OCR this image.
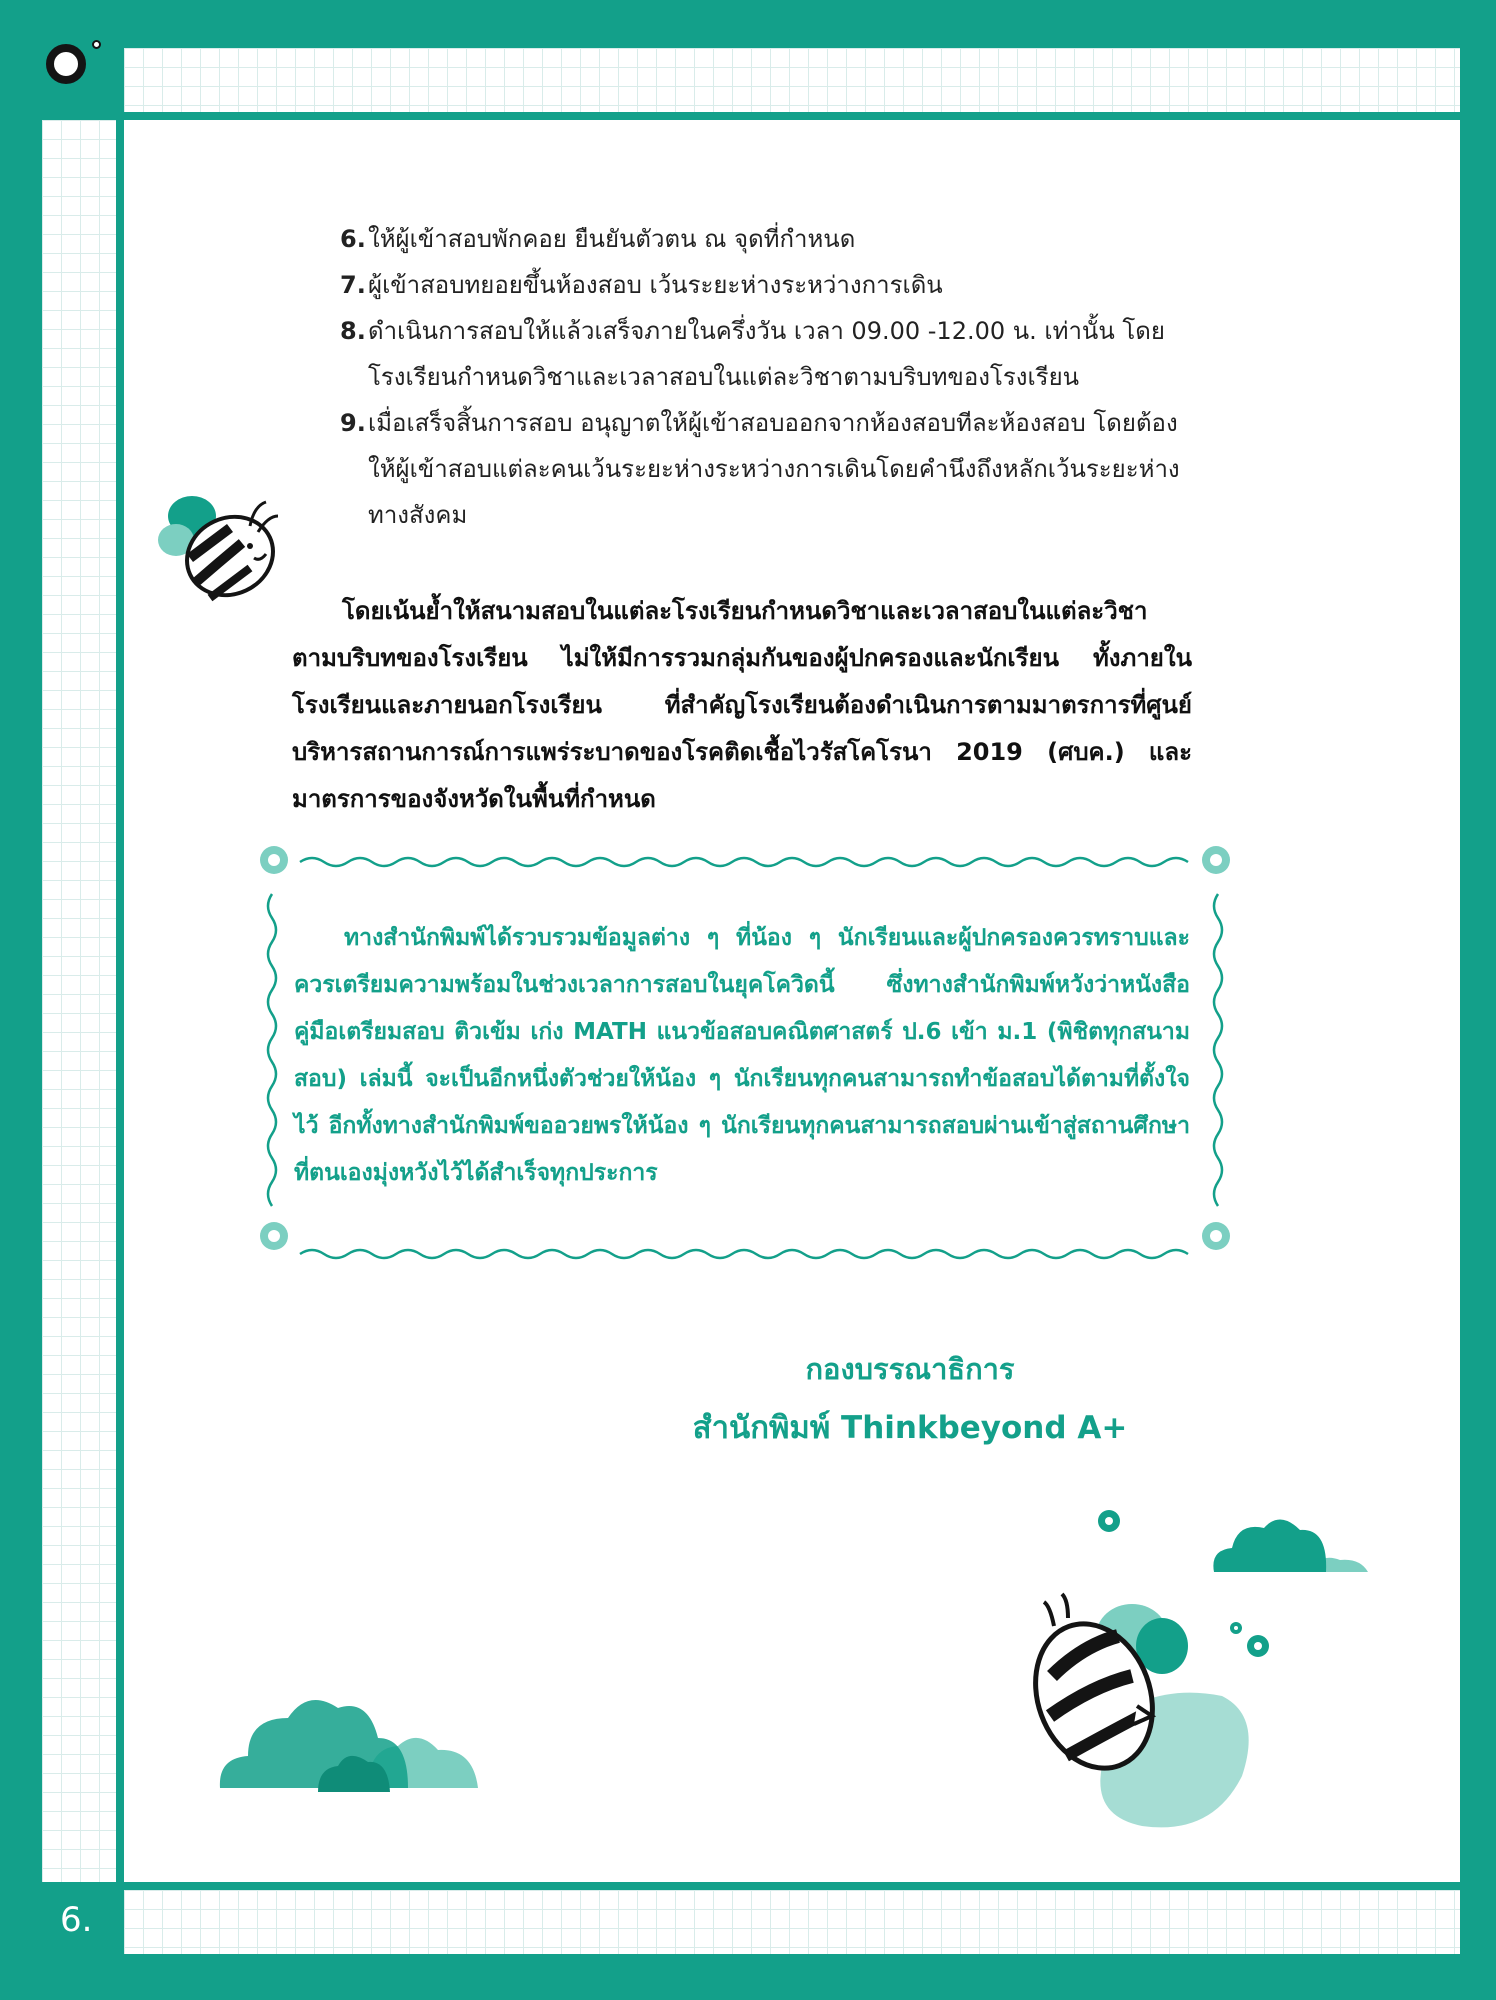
6.
6. ให้ผู้เข้าสอบพักคอย ยืนยันตัวตน ณ จุดที่กำหนด
7. ผู้เข้าสอบทยอยขึ้นห้องสอบ เว้นระยะห่างระหว่างการเดิน
8. ดำเนินการสอบให้แล้วเสร็จภายในครึ่งวัน เวลา 09.00 -12.00 น. เท่านั้น โดยโรงเรียนกำหนดวิชาและเวลาสอบในแต่ละวิชาตามบริบทของโรงเรียน
9. เมื่อเสร็จสิ้นการสอบ อนุญาตให้ผู้เข้าสอบออกจากห้องสอบทีละห้องสอบ โดยต้องให้ผู้เข้าสอบแต่ละคนเว้นระยะห่างระหว่างการเดินโดยคำนึงถึงหลักเว้นระยะห่างทางสังคม

โดยเน้นย้ำให้สนามสอบในแต่ละโรงเรียนกำหนดวิชาและเวลาสอบในแต่ละวิชาตามบริบทของโรงเรียน ไม่ให้มีการรวมกลุ่มกันของผู้ปกครองและนักเรียน ทั้งภายในโรงเรียนและภายนอกโรงเรียน ที่สำคัญโรงเรียนต้องดำเนินการตามมาตรการที่ศูนย์บริหารสถานการณ์การแพร่ระบาดของโรคติดเชื้อไวรัสโคโรนา 2019 (ศบค.) และมาตรการของจังหวัดในพื้นที่กำหนด

ทางสำนักพิมพ์ได้รวบรวมข้อมูลต่าง ๆ ที่น้อง ๆ นักเรียนและผู้ปกครองควรทราบและควรเตรียมความพร้อมในช่วงเวลาการสอบในยุคโควิดนี้ ซึ่งทางสำนักพิมพ์หวังว่าหนังสือคู่มือเตรียมสอบ ติวเข้ม เก่ง MATH แนวข้อสอบคณิตศาสตร์ ป.6 เข้า ม.1 (พิชิตทุกสนามสอบ) เล่มนี้ จะเป็นอีกหนึ่งตัวช่วยให้น้อง ๆ นักเรียนทุกคนสามารถทำข้อสอบได้ตามที่ตั้งใจไว้ อีกทั้งทางสำนักพิมพ์ขออวยพรให้น้อง ๆ นักเรียนทุกคนสามารถสอบผ่านเข้าสู่สถานศึกษาที่ตนเองมุ่งหวังไว้ได้สำเร็จทุกประการ

กองบรรณาธิการ
สำนักพิมพ์ Thinkbeyond A+
